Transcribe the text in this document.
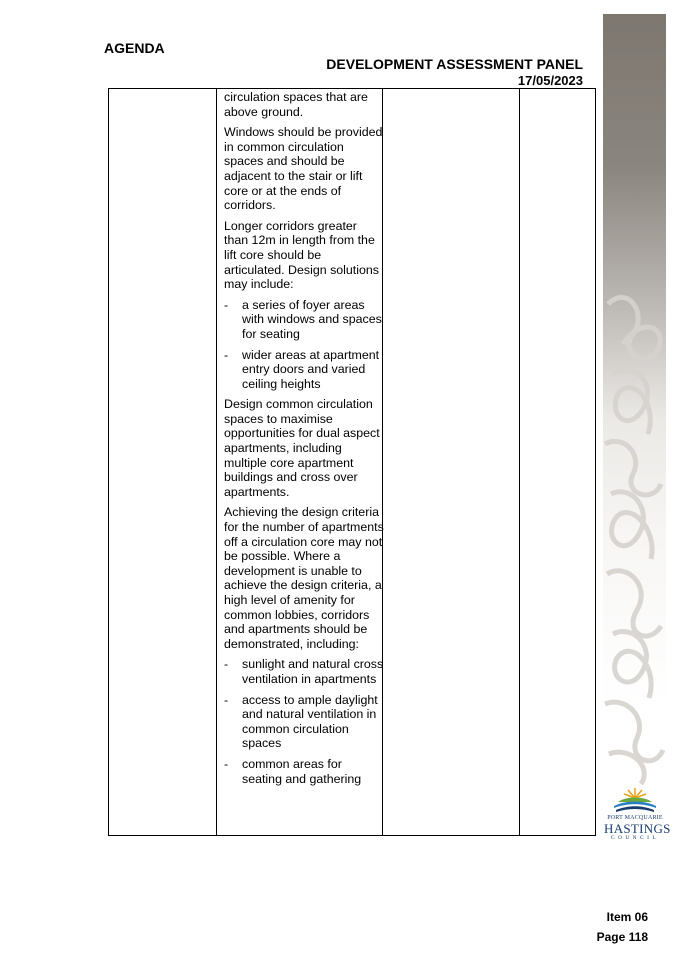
PORT MACQUARIE
HASTINGS
COUNCIL
AGENDA
DEVELOPMENT ASSESSMENT PANEL
17/05/2023

circulation spaces that are above ground.

Windows should be provided in common circulation spaces and should be adjacent to the stair or lift core or at the ends of corridors.

Longer corridors greater than 12m in length from the lift core should be articulated. Design solutions may include:

-	a series of foyer areas with windows and spaces for seating
-	wider areas at apartment entry doors and varied ceiling heights

Design common circulation spaces to maximise opportunities for dual aspect apartments, including multiple core apartment buildings and cross over apartments.

Achieving the design criteria for the number of apartments off a circulation core may not be possible. Where a development is unable to achieve the design criteria, a high level of amenity for common lobbies, corridors and apartments should be demonstrated, including:

-	sunlight and natural cross ventilation in apartments
-	access to ample daylight and natural ventilation in common circulation spaces
-	common areas for seating and gathering
Item 06
Page 118
